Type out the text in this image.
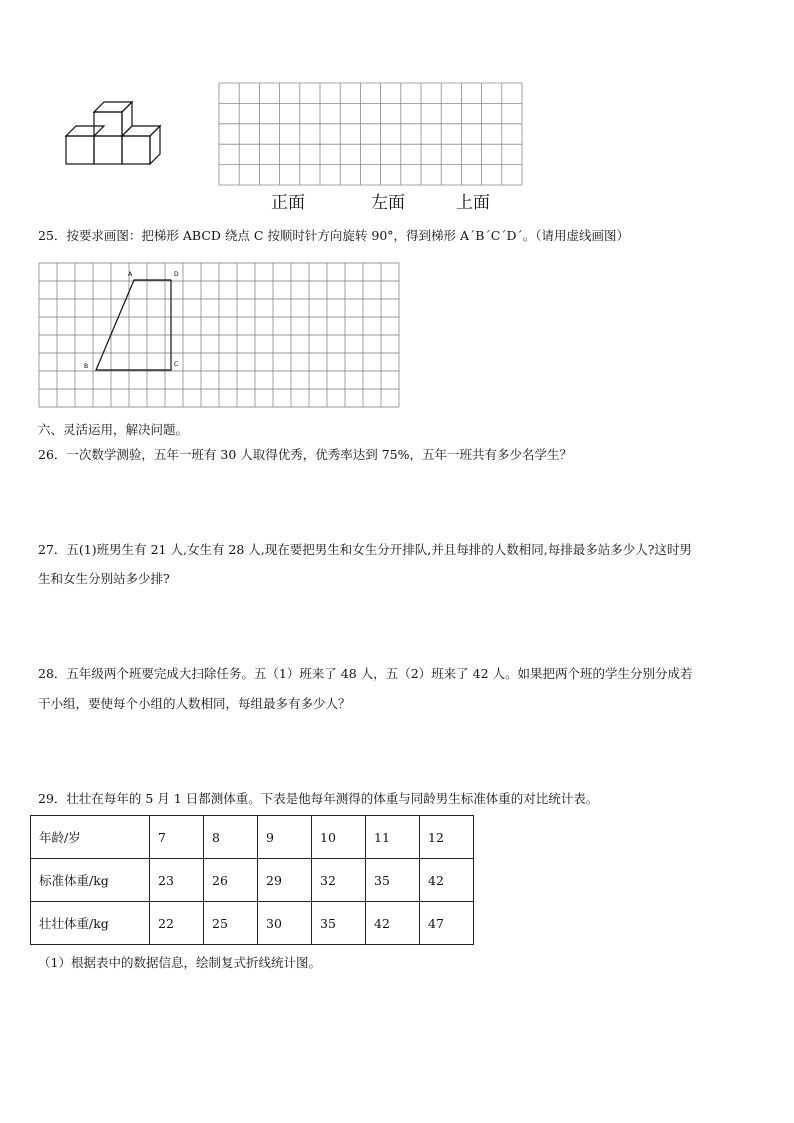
正面	左面	上面
25．按要求画图：把梯形 ABCD 绕点 C 按顺时针方向旋转 90°，得到梯形 A´B´C´D´。（请用虚线画图）
A	D
B	C
六、灵活运用，解决问题。
26．一次数学测验，五年一班有 30 人取得优秀，优秀率达到 75%，五年一班共有多少名学生？
27．五(1)班男生有 21 人,女生有 28 人,现在要把男生和女生分开排队,并且每排的人数相同,每排最多站多少人?这时男
生和女生分别站多少排?
28．五年级两个班要完成大扫除任务。五（1）班来了 48 人，五（2）班来了 42 人。如果把两个班的学生分别分成若
干小组，要使每个小组的人数相同，每组最多有多少人？
29．壮壮在每年的 5 月 1 日都测体重。下表是他每年测得的体重与同龄男生标准体重的对比统计表。
年龄/岁	7	8	9	10	11	12
标准体重/kg	23	26	29	32	35	42
壮壮体重/kg	22	25	30	35	42	47
（1）根据表中的数据信息，绘制复式折线统计图。
